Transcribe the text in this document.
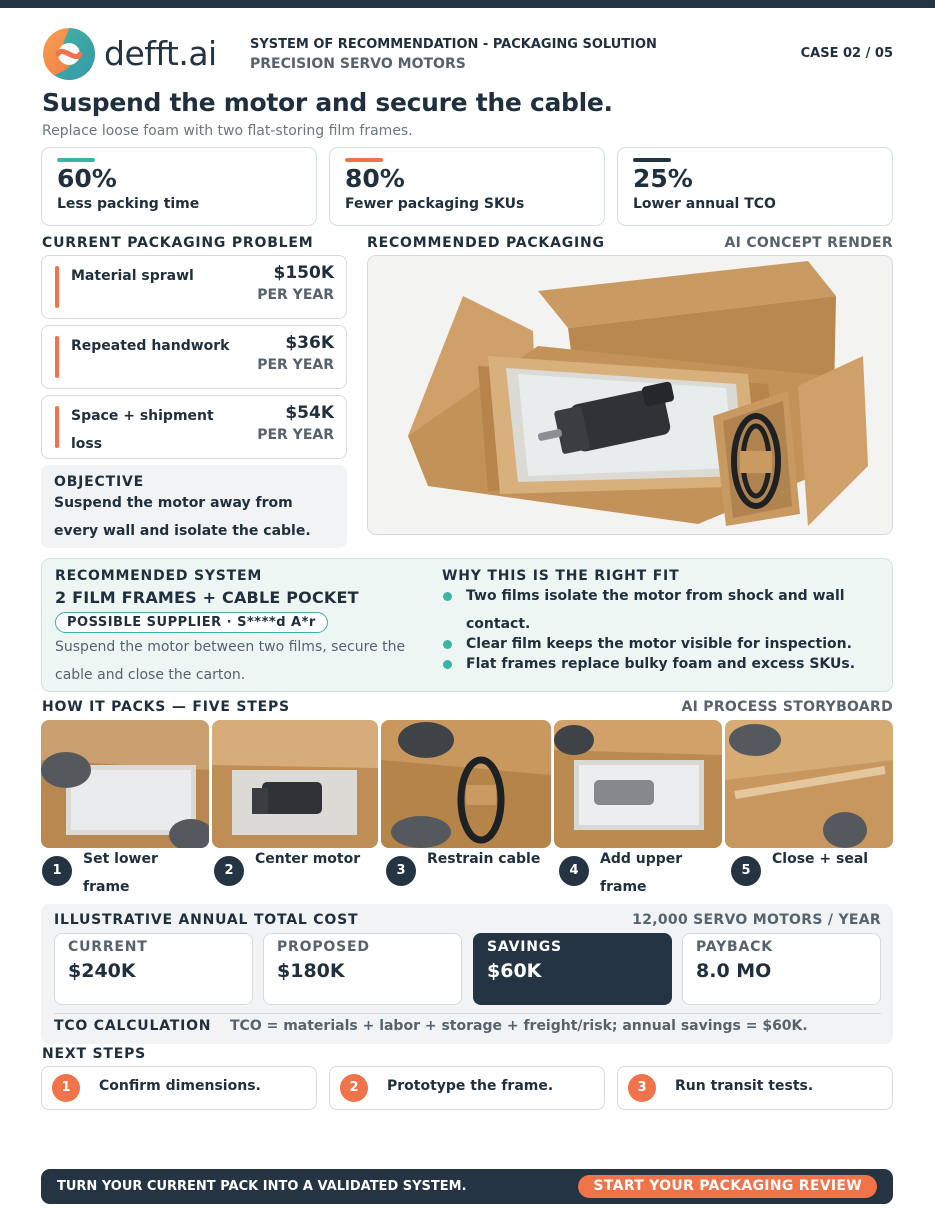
defft.ai	SYSTEM OF RECOMMENDATION - PACKAGING SOLUTION
PRECISION SERVO MOTORS
CASE 02 / 05
Suspend the motor and secure the cable.
Replace loose foam with two flat-storing film frames.
60%
Less packing time
80%
Fewer packaging SKUs
25%
Lower annual TCO
CURRENT PACKAGING PROBLEM
Material sprawl	$150K
PER YEAR
Repeated handwork	$36K
PER YEAR
Space + shipment loss
$54K
PER YEAR
OBJECTIVE
Suspend the motor away from every wall and isolate the cable.
RECOMMENDED PACKAGING	AI CONCEPT RENDER
RECOMMENDED SYSTEM
2 FILM FRAMES + CABLE POCKET
POSSIBLE SUPPLIER · S****d A*r
Suspend the motor between two films, secure the cable and close the carton.
WHY THIS IS THE RIGHT FIT
Two films isolate the motor from shock and wall contact.
Clear film keeps the motor visible for inspection.
Flat frames replace bulky foam and excess SKUs.
HOW IT PACKS — FIVE STEPS	AI PROCESS STORYBOARD
1
Set lower frame
2
Center motor
3
Restrain cable
4
Add upper frame
5
Close + seal
ILLUSTRATIVE ANNUAL TOTAL COST	12,000 SERVO MOTORS / YEAR
CURRENT
$240K
PROPOSED
$180K
SAVINGS
$60K
PAYBACK
8.0 MO
TCO CALCULATION TCO = materials + labor + storage + freight/risk; annual savings = $60K.
NEXT STEPS
1	Confirm dimensions.	2	Prototype the frame.	3	Run transit tests.
TURN YOUR CURRENT PACK INTO A VALIDATED SYSTEM.	START YOUR PACKAGING REVIEW
